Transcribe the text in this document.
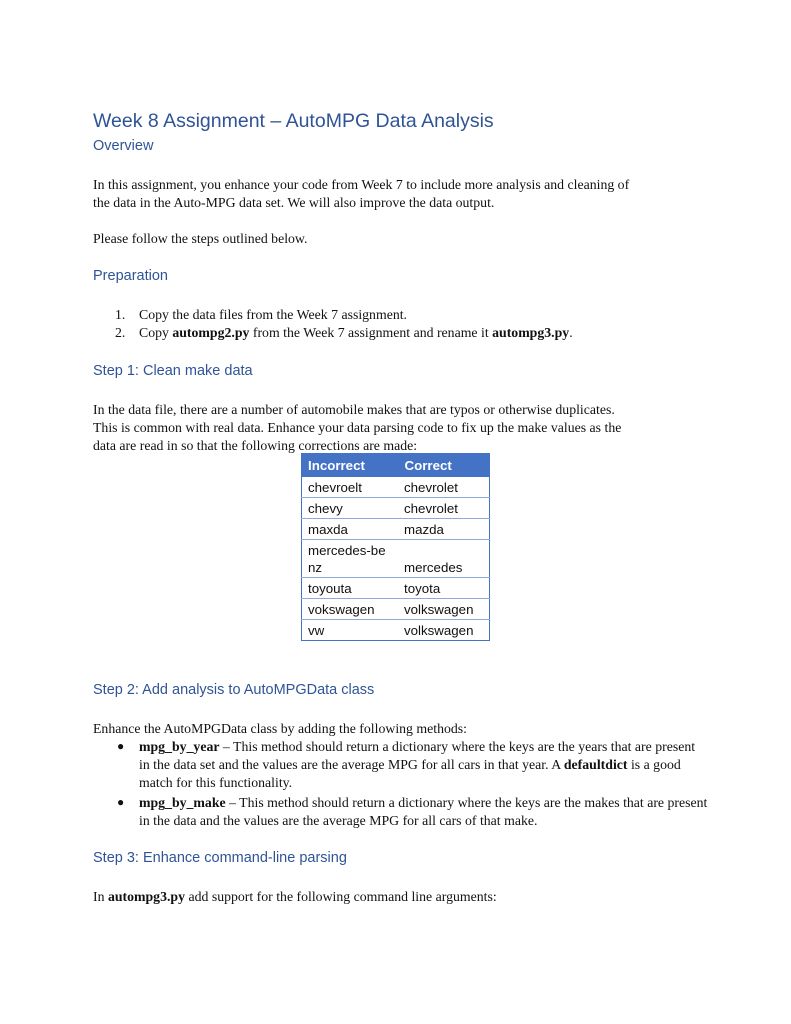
Week 8 Assignment – AutoMPG Data Analysis
Overview
In this assignment, you enhance your code from Week 7 to include more analysis and cleaning of
the data in the Auto-MPG data set. We will also improve the data output.
Please follow the steps outlined below.
Preparation
1. Copy the data files from the Week 7 assignment.
2. Copy autompg2.py from the Week 7 assignment and rename it autompg3.py.
Step 1: Clean make data
In the data file, there are a number of automobile makes that are typos or otherwise duplicates.
This is common with real data. Enhance your data parsing code to fix up the make values as the
data are read in so that the following corrections are made:
Incorrect	Correct
chevroelt	chevrolet
chevy	chevrolet
maxda	mazda
mercedes-benz	mercedes
toyouta	toyota
vokswagen	volkswagen
vw	volkswagen
Step 2: Add analysis to AutoMPGData class
Enhance the AutoMPGData class by adding the following methods:
● mpg_by_year – This method should return a dictionary where the keys are the years that are present in the data set and the values are the average MPG for all cars in that year. A defaultdict is a good match for this functionality.
● mpg_by_make – This method should return a dictionary where the keys are the makes that are present in the data and the values are the average MPG for all cars of that make.
Step 3: Enhance command-line parsing
In autompg3.py add support for the following command line arguments:
